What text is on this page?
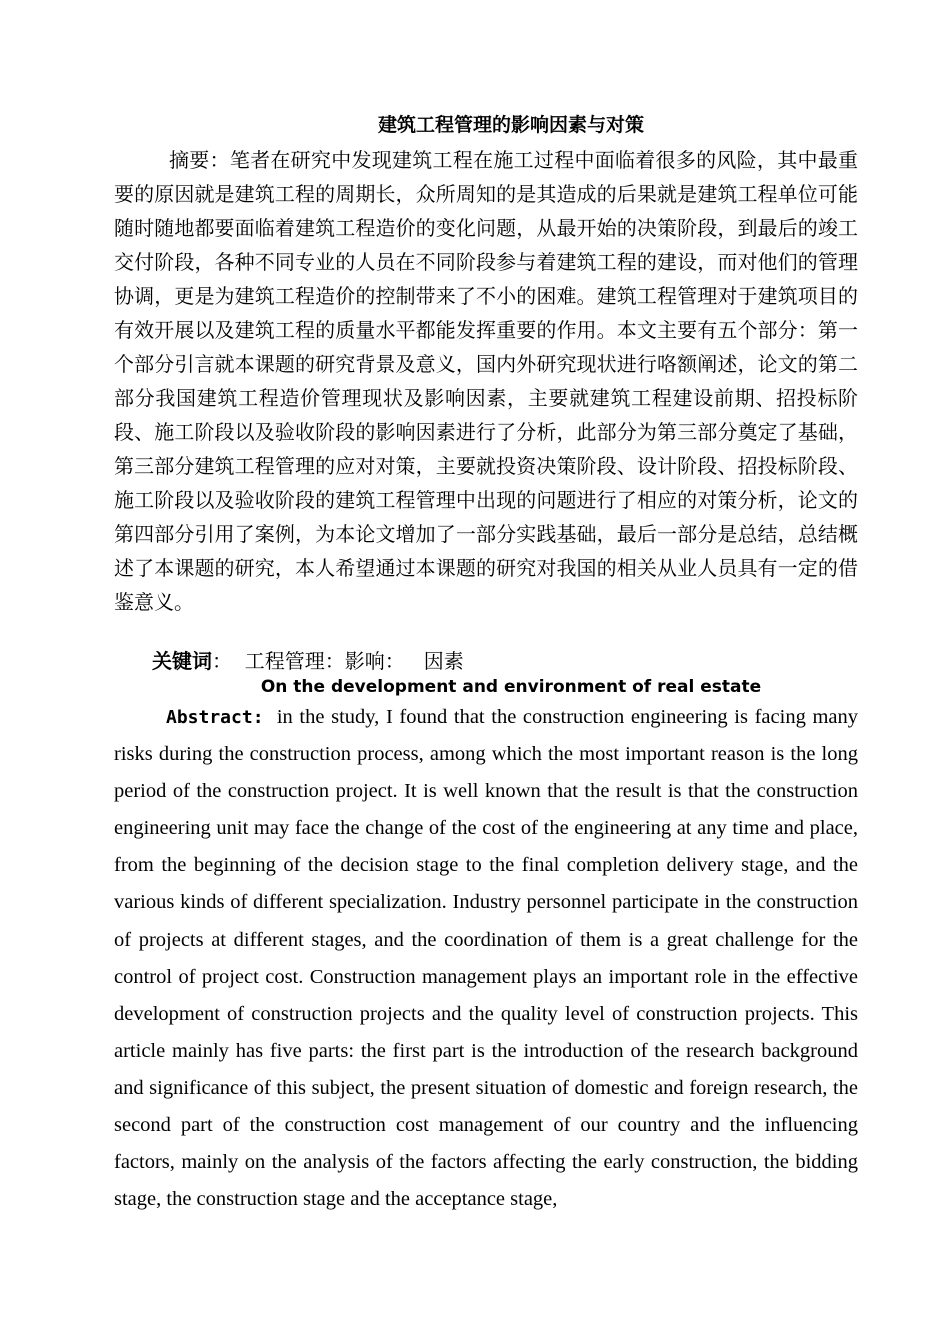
建筑工程管理的影响因素与对策

摘要：笔者在研究中发现建筑工程在施工过程中面临着很多的风险，其中最重要的原因就是建筑工程的周期长，众所周知的是其造成的后果就是建筑工程单位可能随时随地都要面临着建筑工程造价的变化问题，从最开始的决策阶段，到最后的竣工交付阶段，各种不同专业的人员在不同阶段参与着建筑工程的建设，而对他们的管理协调，更是为建筑工程造价的控制带来了不小的困难。建筑工程管理对于建筑项目的有效开展以及建筑工程的质量水平都能发挥重要的作用。本文主要有五个部分：第一个部分引言就本课题的研究背景及意义，国内外研究现状进行咯额阐述，论文的第二部分我国建筑工程造价管理现状及影响因素，主要就建筑工程建设前期、招投标阶段、施工阶段以及验收阶段的影响因素进行了分析，此部分为第三部分奠定了基础，第三部分建筑工程管理的应对对策，主要就投资决策阶段、设计阶段、招投标阶段、施工阶段以及验收阶段的建筑工程管理中出现的问题进行了相应的对策分析，论文的第四部分引用了案例，为本论文增加了一部分实践基础，最后一部分是总结，总结概述了本课题的研究，本人希望通过本课题的研究对我国的相关从业人员具有一定的借鉴意义。

关键词：  工程管理：影响：   因素

On the development and environment of real estate

Abstract: in the study, I found that the construction engineering is facing many risks during the construction process, among which the most important reason is the long period of the construction project. It is well known that the result is that the construction engineering unit may face the change of the cost of the engineering at any time and place, from the beginning of the decision stage to the final completion delivery stage, and the various kinds of different specialization. Industry personnel participate in the construction of projects at different stages, and the coordination of them is a great challenge for the control of project cost. Construction management plays an important role in the effective development of construction projects and the quality level of construction projects. This article mainly has five parts: the first part is the introduction of the research background and significance of this subject, the present situation of domestic and foreign research, the second part of the construction cost management of our country and the influencing factors, mainly on the analysis of the factors affecting the early construction, the bidding stage, the construction stage and the acceptance stage,
